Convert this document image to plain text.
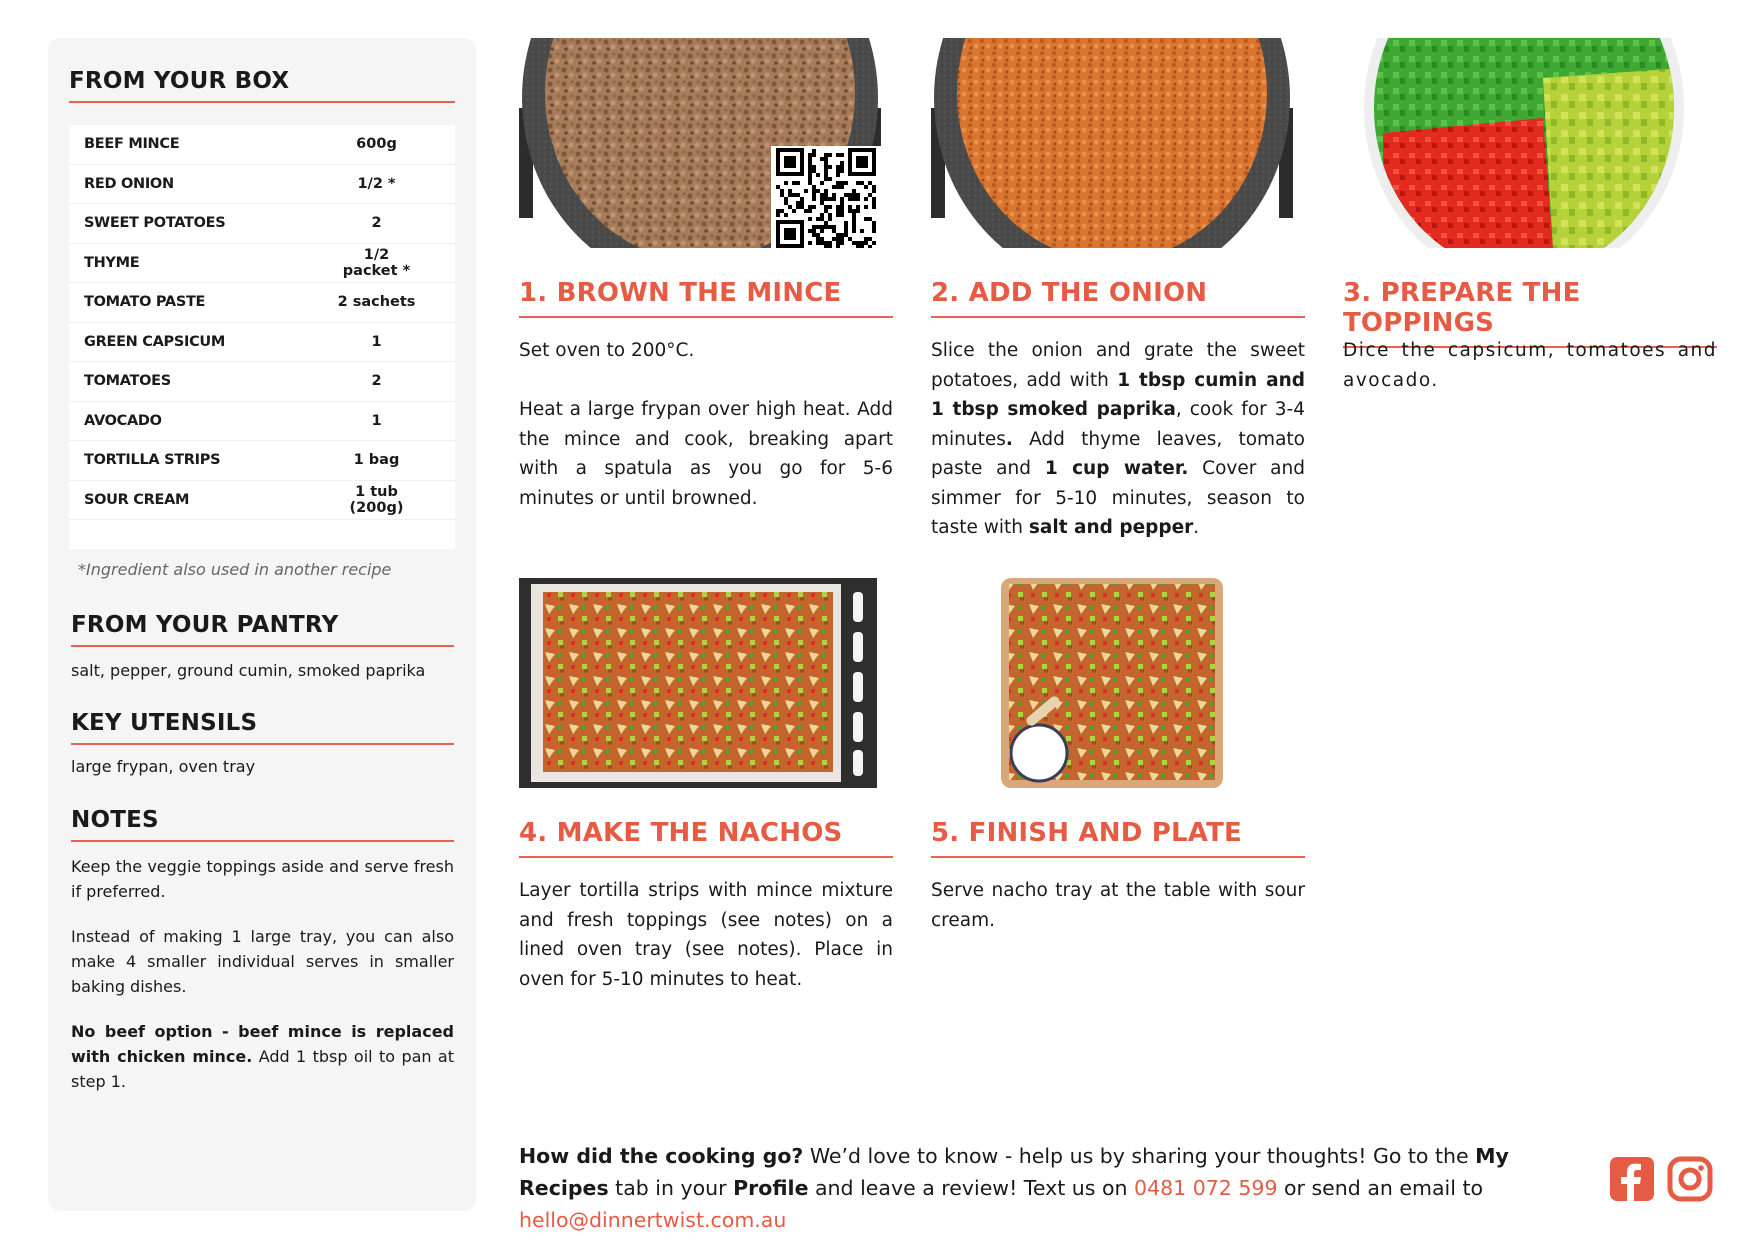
FROM YOUR BOX
BEEF MINCE	600g
RED ONION	1/2 *
SWEET POTATOES	2
THYME	1/2 packet *
TOMATO PASTE	2 sachets
GREEN CAPSICUM	1
TOMATOES	2
AVOCADO	1
TORTILLA STRIPS	1 bag
SOUR CREAM	1 tub (200g)
*Ingredient also used in another recipe
FROM YOUR PANTRY

salt, pepper, ground cumin, smoked paprika

KEY UTENSILS

large frypan, oven tray

NOTES

Keep the veggie toppings aside and serve fresh if preferred.

Instead of making 1 large tray, you can also make 4 smaller individual serves in smaller baking dishes.

No beef option - beef mince is replaced with chicken mince. Add 1 tbsp oil to pan at step 1.

1. BROWN THE MINCE

Set oven to 200°C.

Heat a large frypan over high heat. Add the mince and cook, breaking apart with a spatula as you go for 5-6 minutes or until browned.

2. ADD THE ONION

Slice the onion and grate the sweet potatoes, add with 1 tbsp cumin and 1 tbsp smoked paprika, cook for 3-4 minutes. Add thyme leaves, tomato paste and 1 cup water. Cover and simmer for 5-10 minutes, season to taste with salt and pepper.

3. PREPARE THE TOPPINGS

Dice the capsicum, tomatoes and avocado.

4. MAKE THE NACHOS

Layer tortilla strips with mince mixture and fresh toppings (see notes) on a lined oven tray (see notes). Place in oven for 5-10 minutes to heat.

5. FINISH AND PLATE

Serve nacho tray at the table with sour cream.

How did the cooking go? We’d love to know - help us by sharing your thoughts! Go to the My Recipes tab in your Profile and leave a review! Text us on 0481 072 599 or send an email to hello@dinnertwist.com.au
